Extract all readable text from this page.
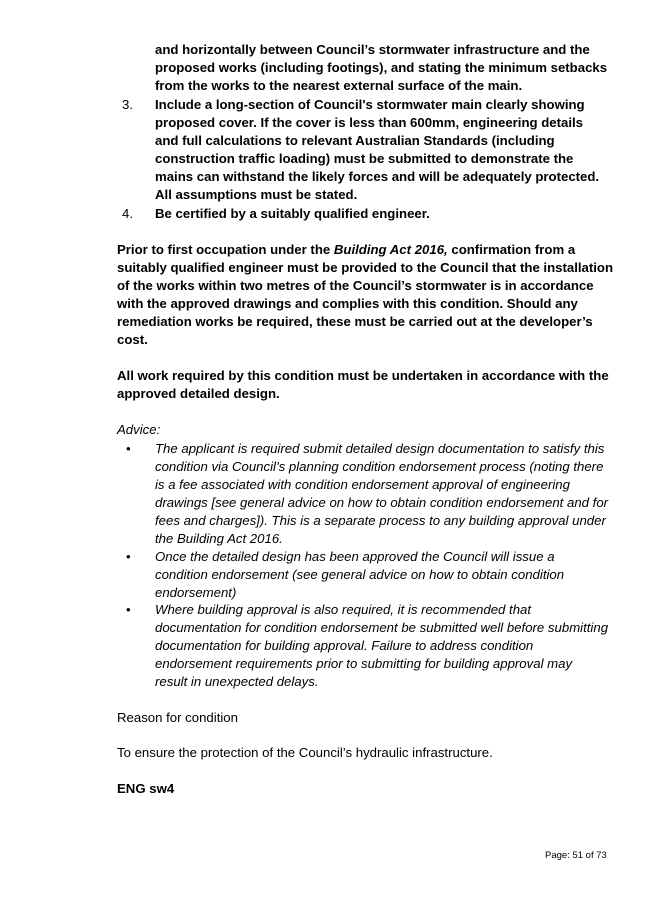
and horizontally between Council’s stormwater infrastructure and the
proposed works (including footings), and stating the minimum setbacks
from the works to the nearest external surface of the main.
3. Include a long-section of Council's stormwater main clearly showing
proposed cover. If the cover is less than 600mm, engineering details
and full calculations to relevant Australian Standards (including
construction traffic loading) must be submitted to demonstrate the
mains can withstand the likely forces and will be adequately protected.
All assumptions must be stated.
4. Be certified by a suitably qualified engineer.
Prior to first occupation under the Building Act 2016, confirmation from a
suitably qualified engineer must be provided to the Council that the installation
of the works within two metres of the Council’s stormwater is in accordance
with the approved drawings and complies with this condition. Should any
remediation works be required, these must be carried out at the developer’s
cost.
All work required by this condition must be undertaken in accordance with the
approved detailed design.
Advice:
• The applicant is required submit detailed design documentation to satisfy this
condition via Council’s planning condition endorsement process (noting there
is a fee associated with condition endorsement approval of engineering
drawings [see general advice on how to obtain condition endorsement and for
fees and charges]). This is a separate process to any building approval under
the Building Act 2016.
• Once the detailed design has been approved the Council will issue a
condition endorsement (see general advice on how to obtain condition
endorsement)
• Where building approval is also required, it is recommended that
documentation for condition endorsement be submitted well before submitting
documentation for building approval. Failure to address condition
endorsement requirements prior to submitting for building approval may
result in unexpected delays.
Reason for condition
To ensure the protection of the Council’s hydraulic infrastructure.
ENG sw4
Page: 51 of 73
